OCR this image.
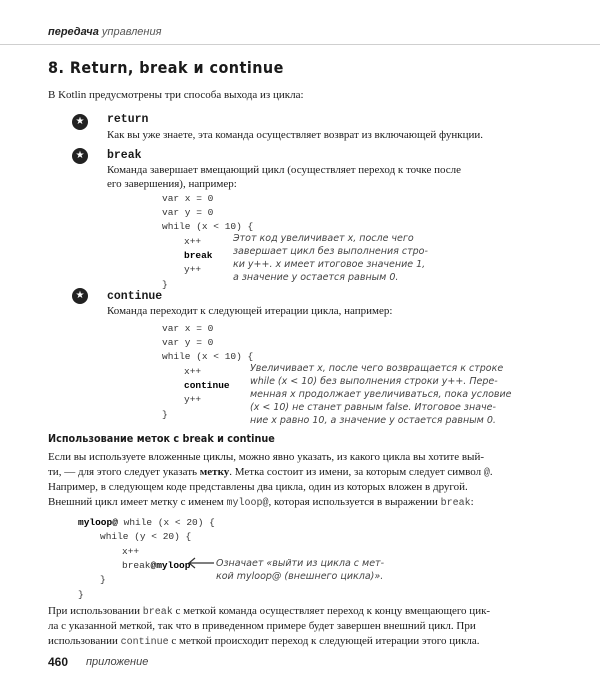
передача управления
8. Return, break и continue
В Kotlin предусмотрены три способа выхода из цикла:
★	return
Как вы уже знаете, эта команда осуществляет возврат из включающей функции.
★	break
Команда завершает вмещающий цикл (осуществляет переход к точке после
его завершения), например:
var x = 0
var y = 0
while (x < 10) {
x++
break
y++
}
Этот код увеличивает x, после чего
завершает цикл без выполнения стро-
ки y++. x имеет итоговое значение 1,
а значение y остается равным 0.
★	continue
Команда переходит к следующей итерации цикла, например:
var x = 0
var y = 0
while (x < 10) {
x++
continue
y++
}
Увеличивает x, после чего возвращается к строке
while (x < 10) без выполнения строки y++. Пере-
менная x продолжает увеличиваться, пока условие
(x < 10) не станет равным false. Итоговое значе-
ние x равно 10, а значение y остается равным 0.
Использование меток с break и continue
Если вы используете вложенные циклы, можно явно указать, из какого цикла вы хотите вый-
ти, — для этого следует указать метку. Метка состоит из имени, за которым следует символ @.
Например, в следующем коде представлены два цикла, один из которых вложен в другой.
Внешний цикл имеет метку с именем myloop@, которая используется в выражении break:
myloop@ while (x < 20) {
while (y < 20) {
x++
break@myloop
}
}
Означает «выйти из цикла с мет-
кой myloop@ (внешнего цикла)».
При использовании break с меткой команда осуществляет переход к концу вмещающего цик-
ла с указанной меткой, так что в приведенном примере будет завершен внешний цикл. При
использовании continue с меткой происходит переход к следующей итерации этого цикла.
460 приложение
